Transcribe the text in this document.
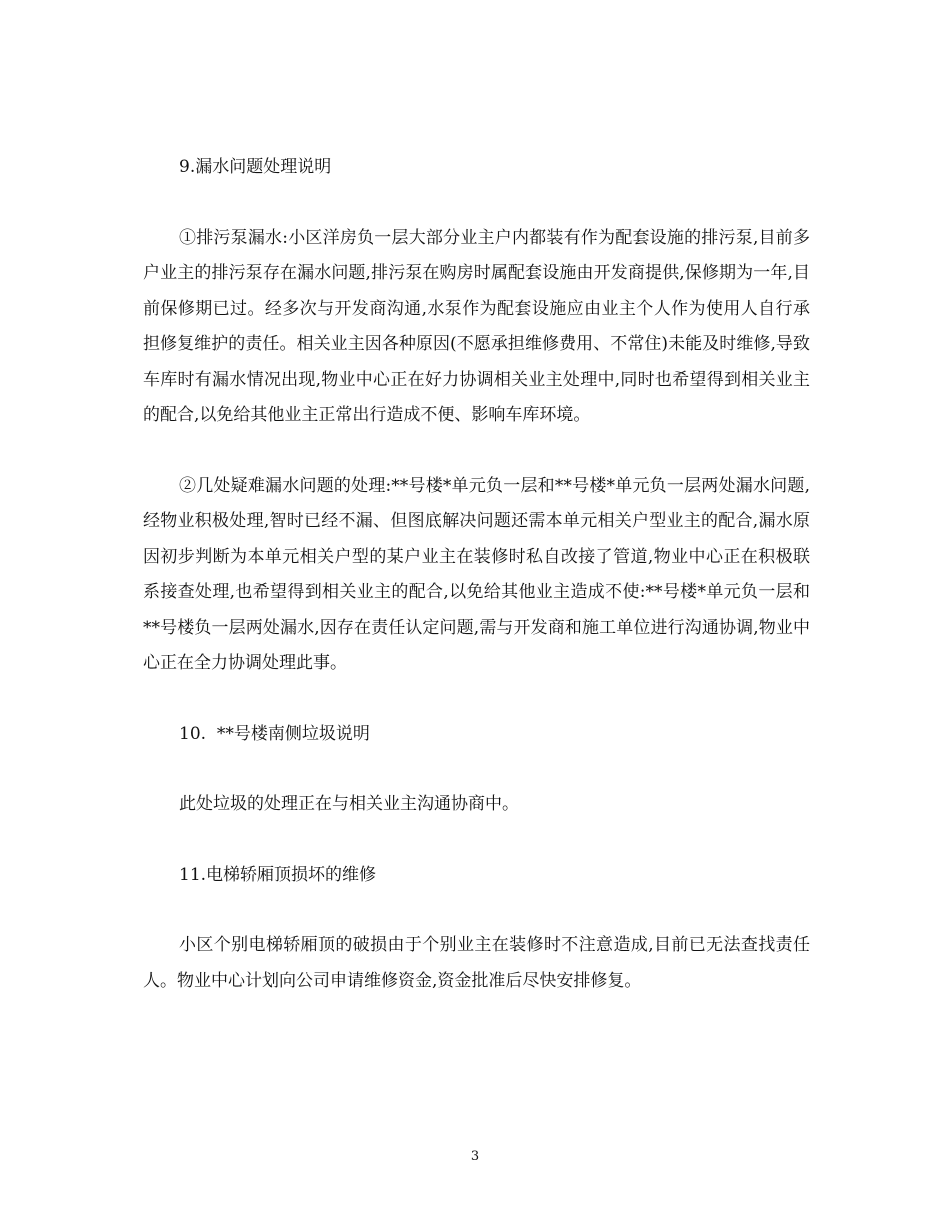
9.漏水问题处理说明

①排污泵漏水:小区洋房负一层大部分业主户内都装有作为配套设施的排污泵,目前多户业主的排污泵存在漏水问题,排污泵在购房时属配套设施由开发商提供,保修期为一年,目前保修期已过。经多次与开发商沟通,水泵作为配套设施应由业主个人作为使用人自行承担修复维护的责任。相关业主因各种原因(不愿承担维修费用、不常住)未能及时维修,导致车库时有漏水情况出现,物业中心正在好力协调相关业主处理中,同时也希望得到相关业主的配合,以免给其他业主正常出行造成不便、影响车库环境。

②几处疑难漏水问题的处理:**号楼*单元负一层和**号楼*单元负一层两处漏水问题,经物业积极处理,智时已经不漏、但图底解决问题还需本单元相关户型业主的配合,漏水原因初步判断为本单元相关户型的某户业主在装修时私自改接了管道,物业中心正在积极联系接查处理,也希望得到相关业主的配合,以免给其他业主造成不使:**号楼*单元负一层和**号楼负一层两处漏水,因存在责任认定问题,需与开发商和施工单位进行沟通协调,物业中心正在全力协调处理此事。

10.  **号楼南侧垃圾说明

此处垃圾的处理正在与相关业主沟通协商中。

11.电梯轿厢顶损坏的维修

小区个别电梯轿厢顶的破损由于个别业主在装修时不注意造成,目前已无法查找责任人。物业中心计划向公司申请维修资金,资金批准后尽快安排修复。

3
